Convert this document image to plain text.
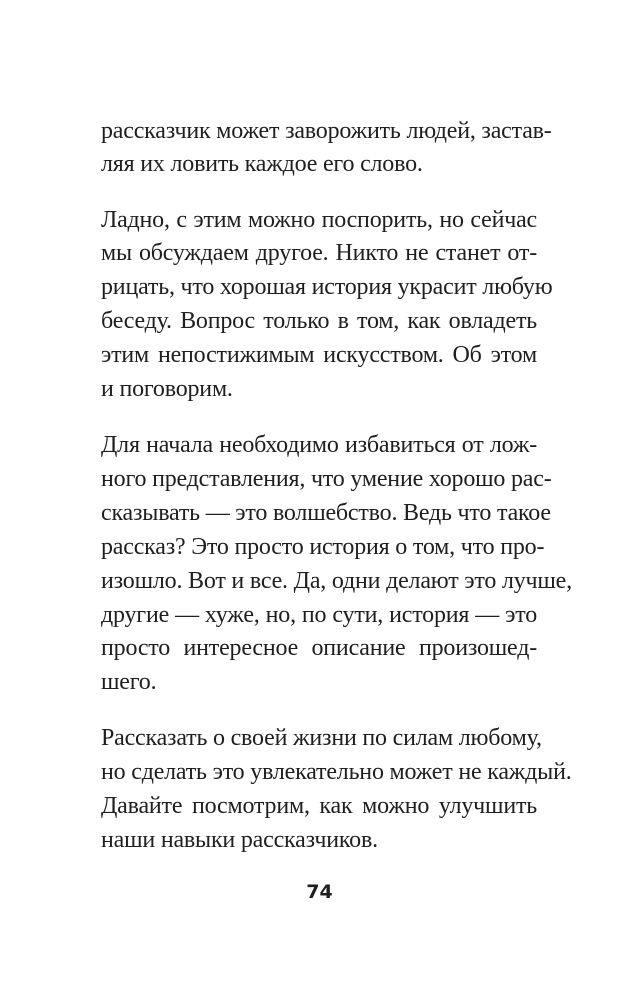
рассказчик может заворожить людей, застав-
ляя их ловить каждое его слово.
Ладно, с этим можно поспорить, но сейчас
мы обсуждаем другое. Никто не станет от-
рицать, что хорошая история украсит любую
беседу. Вопрос только в том, как овладеть
этим непостижимым искусством. Об этом
и поговорим.
Для начала необходимо избавиться от лож-
ного представления, что умение хорошо рас-
сказывать — это волшебство. Ведь что такое
рассказ? Это просто история о том, что про-
изошло. Вот и все. Да, одни делают это лучше,
другие — хуже, но, по сути, история — это
просто интересное описание произошед-
шего.
Рассказать о своей жизни по силам любому,
но сделать это увлекательно может не каждый.
Давайте посмотрим, как можно улучшить
наши навыки рассказчиков.
74
